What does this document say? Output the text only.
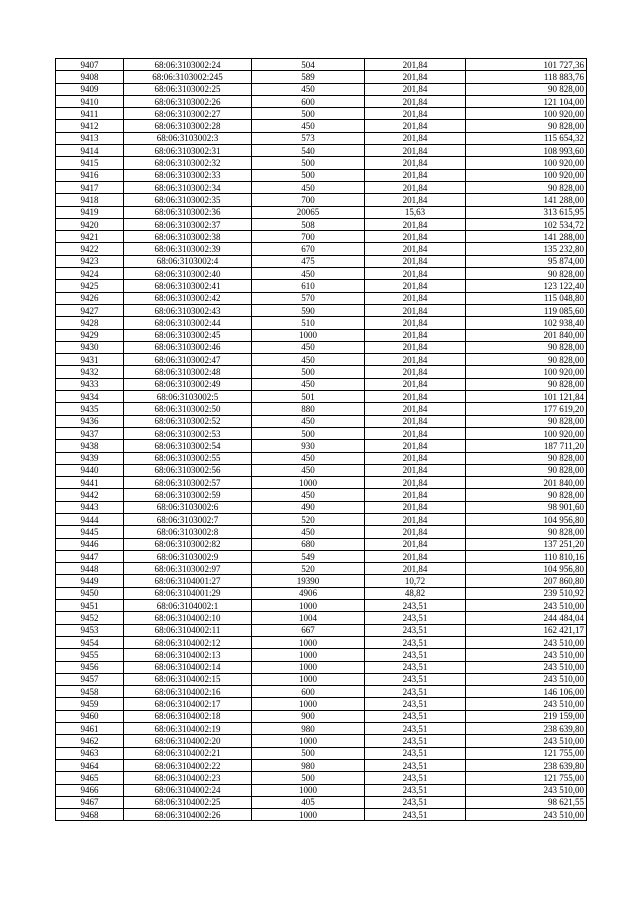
9407	68:06:3103002:24	504	201,84	101 727,36
9408	68:06:3103002:245	589	201,84	118 883,76
9409	68:06:3103002:25	450	201,84	90 828,00
9410	68:06:3103002:26	600	201,84	121 104,00
9411	68:06:3103002:27	500	201,84	100 920,00
9412	68:06:3103002:28	450	201,84	90 828,00
9413	68:06:3103002:3	573	201,84	115 654,32
9414	68:06:3103002:31	540	201,84	108 993,60
9415	68:06:3103002:32	500	201,84	100 920,00
9416	68:06:3103002:33	500	201,84	100 920,00
9417	68:06:3103002:34	450	201,84	90 828,00
9418	68:06:3103002:35	700	201,84	141 288,00
9419	68:06:3103002:36	20065	15,63	313 615,95
9420	68:06:3103002:37	508	201,84	102 534,72
9421	68:06:3103002:38	700	201,84	141 288,00
9422	68:06:3103002:39	670	201,84	135 232,80
9423	68:06:3103002:4	475	201,84	95 874,00
9424	68:06:3103002:40	450	201,84	90 828,00
9425	68:06:3103002:41	610	201,84	123 122,40
9426	68:06:3103002:42	570	201,84	115 048,80
9427	68:06:3103002:43	590	201,84	119 085,60
9428	68:06:3103002:44	510	201,84	102 938,40
9429	68:06:3103002:45	1000	201,84	201 840,00
9430	68:06:3103002:46	450	201,84	90 828,00
9431	68:06:3103002:47	450	201,84	90 828,00
9432	68:06:3103002:48	500	201,84	100 920,00
9433	68:06:3103002:49	450	201,84	90 828,00
9434	68:06:3103002:5	501	201,84	101 121,84
9435	68:06:3103002:50	880	201,84	177 619,20
9436	68:06:3103002:52	450	201,84	90 828,00
9437	68:06:3103002:53	500	201,84	100 920,00
9438	68:06:3103002:54	930	201,84	187 711,20
9439	68:06:3103002:55	450	201,84	90 828,00
9440	68:06:3103002:56	450	201,84	90 828,00
9441	68:06:3103002:57	1000	201,84	201 840,00
9442	68:06:3103002:59	450	201,84	90 828,00
9443	68:06:3103002:6	490	201,84	98 901,60
9444	68:06:3103002:7	520	201,84	104 956,80
9445	68:06:3103002:8	450	201,84	90 828,00
9446	68:06:3103002:82	680	201,84	137 251,20
9447	68:06:3103002:9	549	201,84	110 810,16
9448	68:06:3103002:97	520	201,84	104 956,80
9449	68:06:3104001:27	19390	10,72	207 860,80
9450	68:06:3104001:29	4906	48,82	239 510,92
9451	68:06:3104002:1	1000	243,51	243 510,00
9452	68:06:3104002:10	1004	243,51	244 484,04
9453	68:06:3104002:11	667	243,51	162 421,17
9454	68:06:3104002:12	1000	243,51	243 510,00
9455	68:06:3104002:13	1000	243,51	243 510,00
9456	68:06:3104002:14	1000	243,51	243 510,00
9457	68:06:3104002:15	1000	243,51	243 510,00
9458	68:06:3104002:16	600	243,51	146 106,00
9459	68:06:3104002:17	1000	243,51	243 510,00
9460	68:06:3104002:18	900	243,51	219 159,00
9461	68:06:3104002:19	980	243,51	238 639,80
9462	68:06:3104002:20	1000	243,51	243 510,00
9463	68:06:3104002:21	500	243,51	121 755,00
9464	68:06:3104002:22	980	243,51	238 639,80
9465	68:06:3104002:23	500	243,51	121 755,00
9466	68:06:3104002:24	1000	243,51	243 510,00
9467	68:06:3104002:25	405	243,51	98 621,55
9468	68:06:3104002:26	1000	243,51	243 510,00
